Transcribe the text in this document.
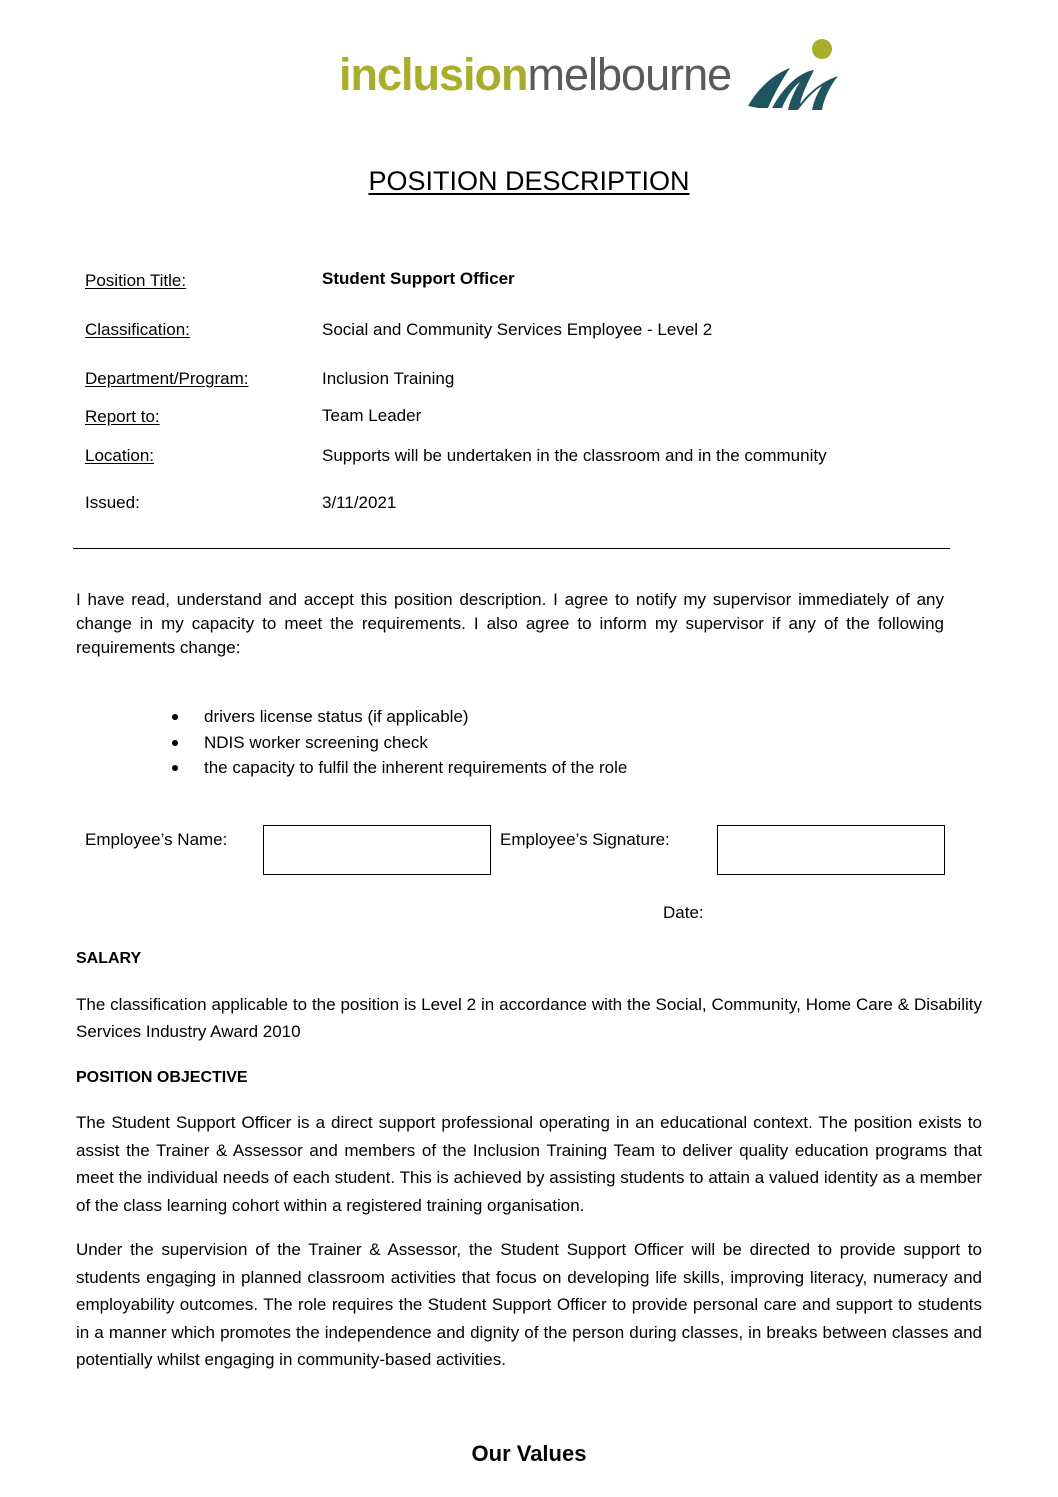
inclusionmelbourne
POSITION DESCRIPTION
Position Title:	Student Support Officer
Classification:	Social and Community Services Employee - Level 2
Department/Program:	Inclusion Training
Report to:	Team Leader
Location:	Supports will be undertaken in the classroom and in the community
Issued:	3/11/2021

I have read, understand and accept this position description. I agree to notify my supervisor immediately of any change in my capacity to meet the requirements. I also agree to inform my supervisor if any of the following requirements change:

drivers license status (if applicable)
NDIS worker screening check
the capacity to fulfil the inherent requirements of the role
Employee’s Name:	Employee’s Signature:
Date:
SALARY

The classification applicable to the position is Level 2 in accordance with the Social, Community, Home Care & Disability Services Industry Award 2010

POSITION OBJECTIVE

The Student Support Officer is a direct support professional operating in an educational context. The position exists to assist the Trainer & Assessor and members of the Inclusion Training Team to deliver quality education programs that meet the individual needs of each student. This is achieved by assisting students to attain a valued identity as a member of the class learning cohort within a registered training organisation.

Under the supervision of the Trainer & Assessor, the Student Support Officer will be directed to provide support to students engaging in planned classroom activities that focus on developing life skills, improving literacy, numeracy and employability outcomes. The role requires the Student Support Officer to provide personal care and support to students in a manner which promotes the independence and dignity of the person during classes, in breaks between classes and potentially whilst engaging in community-based activities.

Our Values
